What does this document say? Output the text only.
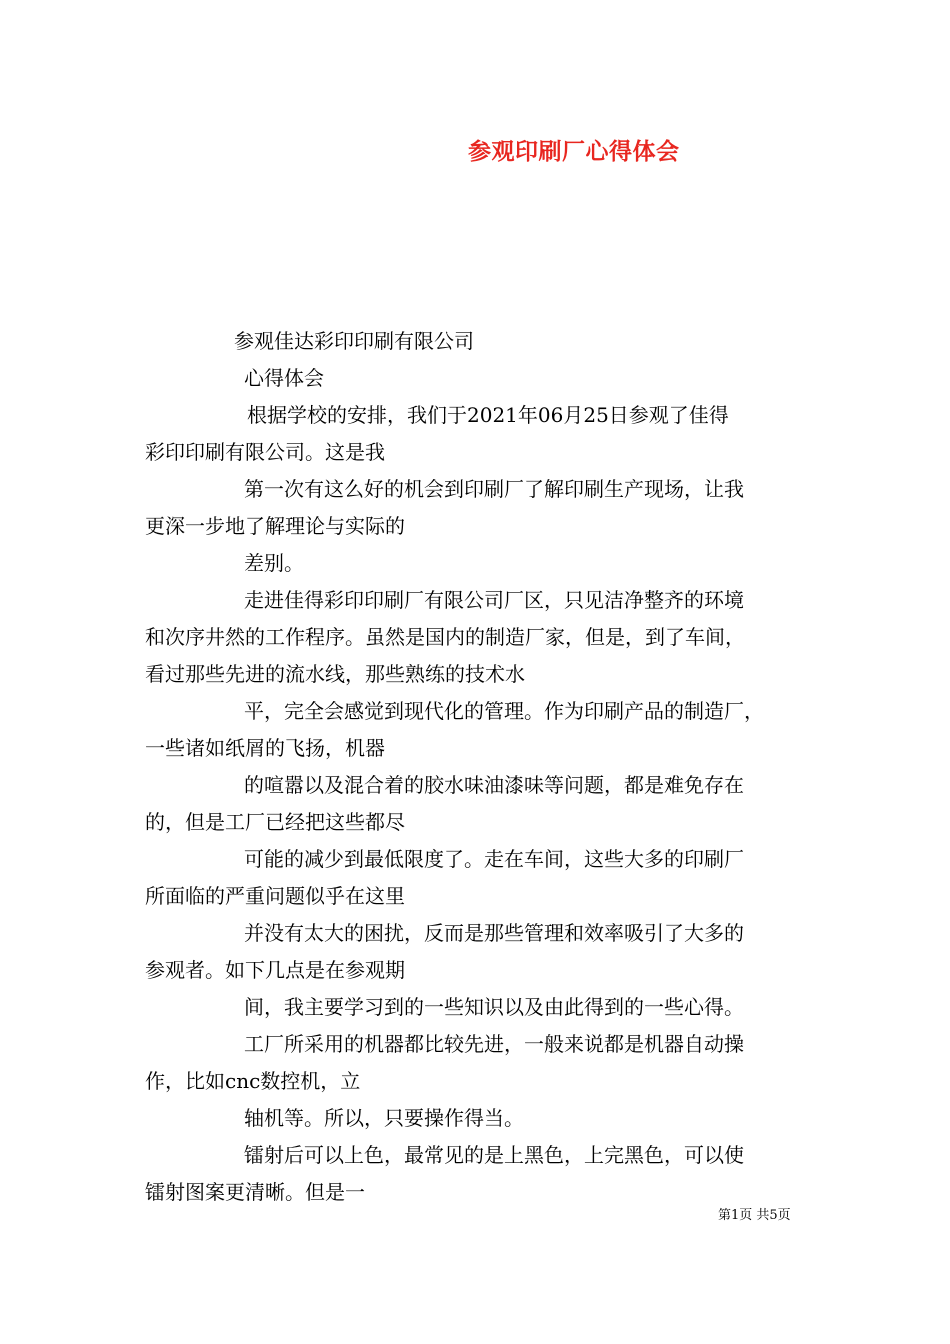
参观印刷厂心得体会
参观佳达彩印印刷有限公司
心得体会
根据学校的安排，我们于2021年06月25日参观了佳得
彩印印刷有限公司。这是我
第一次有这么好的机会到印刷厂了解印刷生产现场，让我
更深一步地了解理论与实际的
差别。
走进佳得彩印印刷厂有限公司厂区，只见洁净整齐的环境
和次序井然的工作程序。虽然是国内的制造厂家，但是，到了车间，
看过那些先进的流水线，那些熟练的技术水
平，完全会感觉到现代化的管理。作为印刷产品的制造厂，
一些诸如纸屑的飞扬，机器
的喧嚣以及混合着的胶水味油漆味等问题，都是难免存在
的，但是工厂已经把这些都尽
可能的减少到最低限度了。走在车间，这些大多的印刷厂
所面临的严重问题似乎在这里
并没有太大的困扰，反而是那些管理和效率吸引了大多的
参观者。如下几点是在参观期
间，我主要学习到的一些知识以及由此得到的一些心得。
工厂所采用的机器都比较先进，一般来说都是机器自动操
作，比如cnc数控机，立
轴机等。所以，只要操作得当。
镭射后可以上色，最常见的是上黑色，上完黑色，可以使
镭射图案更清晰。但是一
第1页 共5页
